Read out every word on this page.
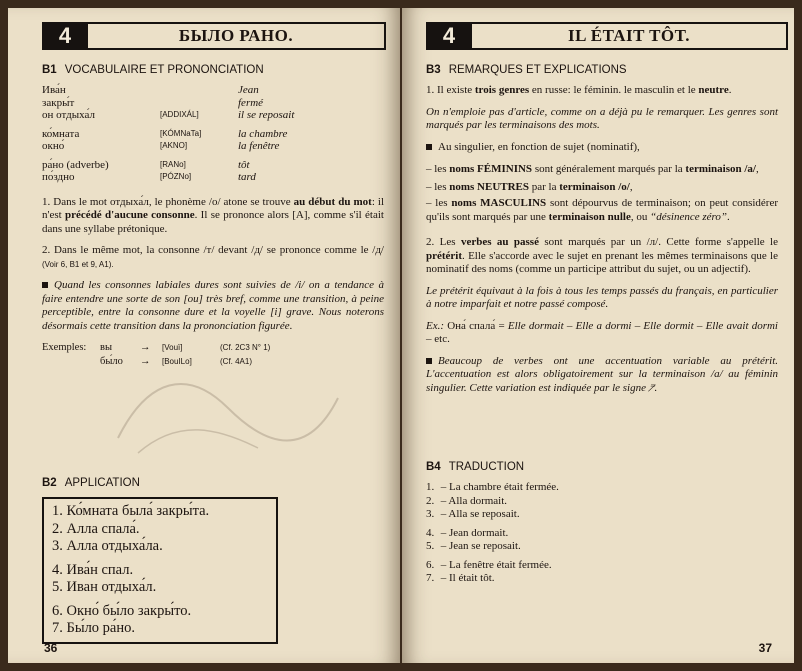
4	БЫЛО РАНО.
B1 VOCABULAIRE ET PRONONCIATION
Ива́н		Jean
закры́т		fermé
он отдыха́л	[ADDIXÁL]	il se reposait
ко́мната	[KÓMNaTa]	la chambre
окно́	[AKNO]	la fenêtre
ра́но (adverbe)	[RANo]	tôt
по́здно	[PÓZNo]	tard

1. Dans le mot отдыха́л, le phonème /o/ atone se trouve au début du mot: il n'est précédé d'aucune consonne. Il se prononce alors [A], comme s'il était dans une syllabe prétonique.

2. Dans le même mot, la consonne /т/ devant /д/ se prononce comme le /д/ (Voir 6, B1 et 9, A1).

Quand les consonnes labiales dures sont suivies de /i/ on a tendance à faire entendre une sorte de son [ou] très bref, comme une transition, à peine perceptible, entre la consonne dure et la voyelle [i] grave. Nous noterons désormais cette transition dans la prononciation figurée.

Exemples:	вы	→	[Vouï]	(Cf. 2C3 N° 1)
бы́ло	→	[BouILo]	(Cf. 4A1)
B2 APPLICATION
1. Ко́мната была́ закры́та.
2. Алла спала́.
3. Алла отдыха́ла.
4. Ива́н спал.
5. Иван отдыха́л.
6. Окно́ бы́ло закры́то.
7. Бы́ло ра́но.
36
4	IL ÉTAIT TÔT.
B3 REMARQUES ET EXPLICATIONS

1. Il existe trois genres en russe: le féminin. le masculin et le neutre.

On n'emploie pas d'article, comme on a déjà pu le remarquer. Les genres sont marqués par les terminaisons des mots.

Au singulier, en fonction de sujet (nominatif),

– les noms FÉMININS sont généralement marqués par la terminaison /a/,
– les noms NEUTRES par la terminaison /o/,
– les noms MASCULINS sont dépourvus de terminaison; on peut considérer qu'ils sont marqués par une terminaison nulle, ou “désinence zéro”.

2. Les verbes au passé sont marqués par un /л/. Cette forme s'appelle le prétérit. Elle s'accorde avec le sujet en prenant les mêmes terminaisons que le nominatif des noms (comme un participe attribut du sujet, ou un adjectif).

Le prétérit équivaut à la fois à tous les temps passés du français, en particulier à notre imparfait et notre passé composé.

Ex.: Она́ спала́ = Elle dormait – Elle a dormi – Elle dormit – Elle avait dormi – etc.

Beaucoup de verbes ont une accentuation variable au prétérit. L'accentuation est alors obligatoirement sur la terminaison /a/ au féminin singulier. Cette variation est indiquée par le signe ⁼̷.

B4 TRADUCTION
1. – La chambre était fermée.
2. – Alla dormait.
3. – Alla se reposait.
4. – Jean dormait.
5. – Jean se reposait.
6. – La fenêtre était fermée.
7. – Il était tôt.
37
